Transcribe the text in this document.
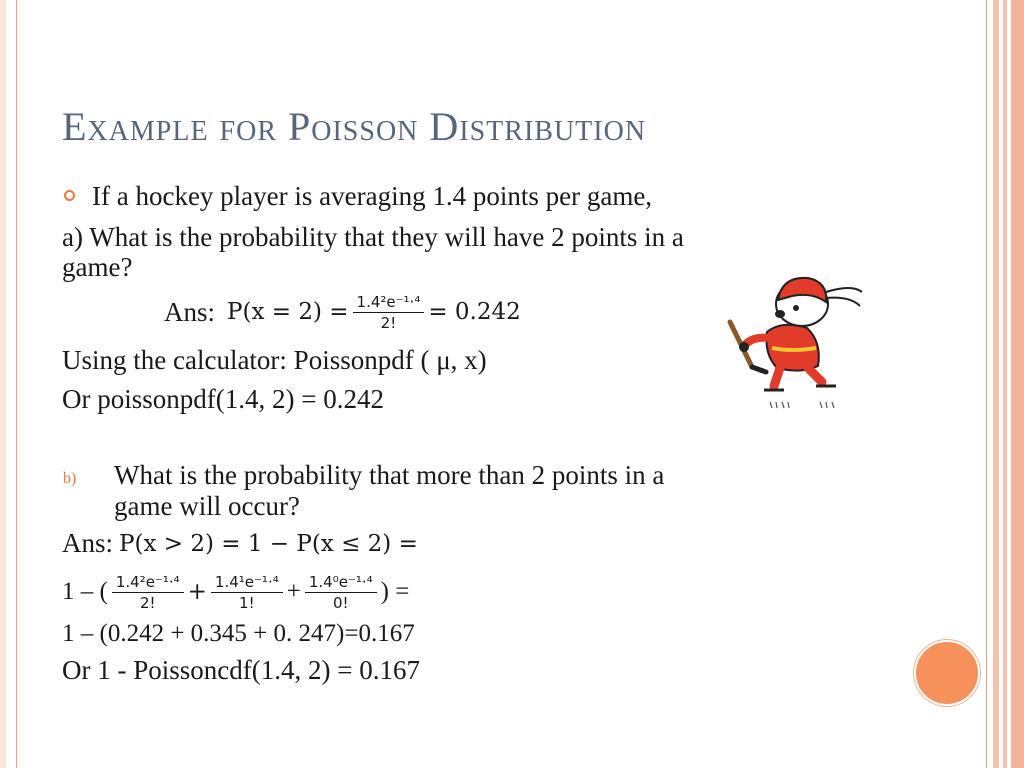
Example for Poisson Distribution
If a hockey player is averaging 1.4 points per game,
a) What is the probability that they will have 2 points in a
game?
Ans: $P(x = 2) = \frac{\text{1.4²e⁻¹·⁴}}{2!} = 0.242$
Using the calculator: Poissonpdf ( μ, x)
Or poissonpdf(1.4, 2) = 0.242
b) What is the probability that more than 2 points in a
game will occur?
Ans: P(x > 2) = 1 − P(x ≤ 2) =
1 – ( $\frac{\text{1.4²e⁻¹·⁴}}{2!} + \frac{\text{1.4¹e⁻¹·⁴}}{1!} + \frac{\text{1.4⁰e⁻¹·⁴}}{0!}$ ) =
1 – (0.242 + 0.345 + 0. 247)=0.167
Or 1 - Poissoncdf(1.4, 2) = 0.167
